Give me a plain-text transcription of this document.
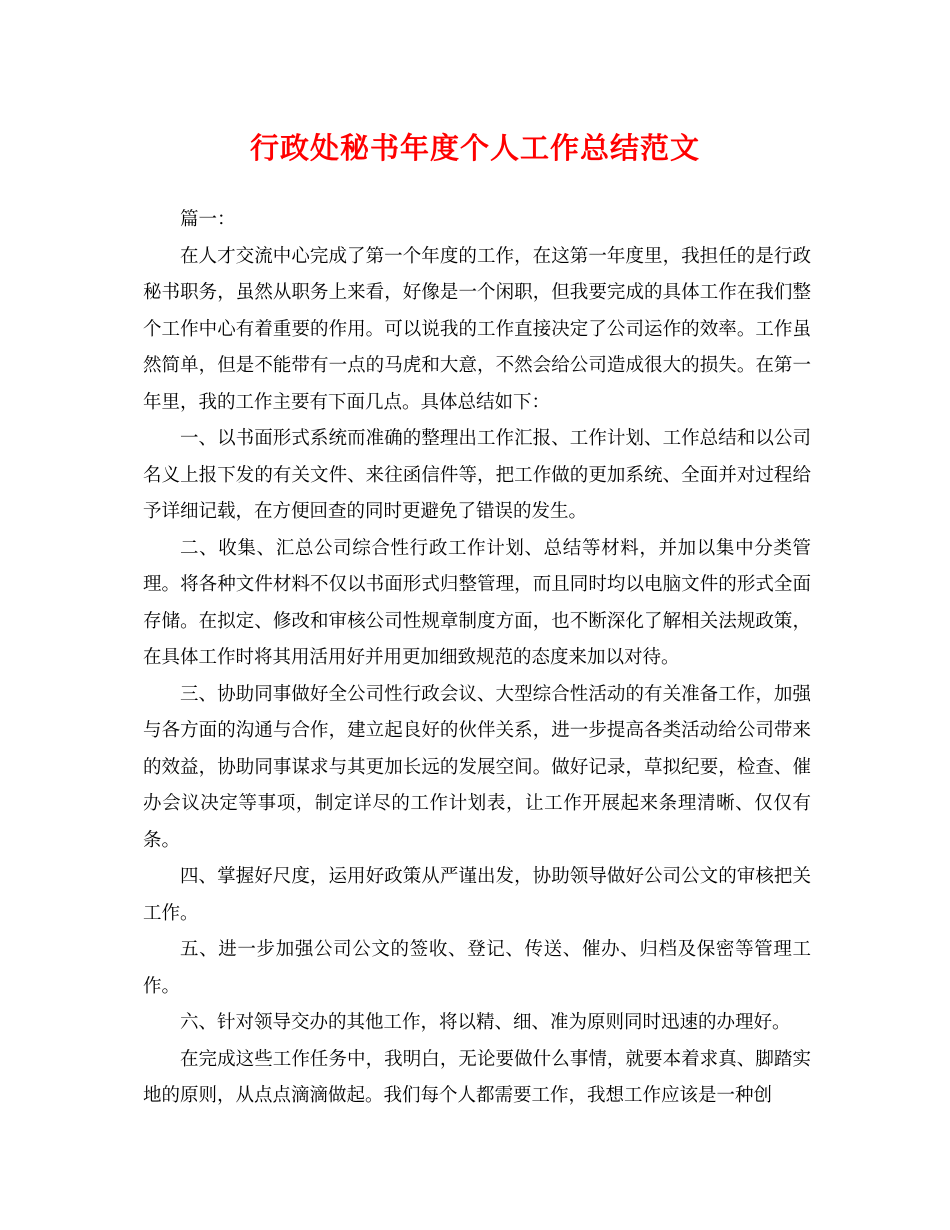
行政处秘书年度个人工作总结范文

篇一：

在人才交流中心完成了第一个年度的工作，在这第一年度里，我担任的是行政秘书职务，虽然从职务上来看，好像是一个闲职，但我要完成的具体工作在我们整个工作中心有着重要的作用。可以说我的工作直接决定了公司运作的效率。工作虽然简单，但是不能带有一点的马虎和大意，不然会给公司造成很大的损失。在第一年里，我的工作主要有下面几点。具体总结如下：

一、以书面形式系统而准确的整理出工作汇报、工作计划、工作总结和以公司名义上报下发的有关文件、来往函信件等，把工作做的更加系统、全面并对过程给予详细记载，在方便回查的同时更避免了错误的发生。

二、收集、汇总公司综合性行政工作计划、总结等材料，并加以集中分类管理。将各种文件材料不仅以书面形式归整管理，而且同时均以电脑文件的形式全面存储。在拟定、修改和审核公司性规章制度方面，也不断深化了解相关法规政策，在具体工作时将其用活用好并用更加细致规范的态度来加以对待。

三、协助同事做好全公司性行政会议、大型综合性活动的有关准备工作，加强与各方面的沟通与合作，建立起良好的伙伴关系，进一步提高各类活动给公司带来的效益，协助同事谋求与其更加长远的发展空间。做好记录，草拟纪要，检查、催办会议决定等事项，制定详尽的工作计划表，让工作开展起来条理清晰、仅仅有条。

四、掌握好尺度，运用好政策从严谨出发，协助领导做好公司公文的审核把关工作。

五、进一步加强公司公文的签收、登记、传送、催办、归档及保密等管理工作。

六、针对领导交办的其他工作，将以精、细、准为原则同时迅速的办理好。

在完成这些工作任务中，我明白，无论要做什么事情，就要本着求真、脚踏实地的原则，从点点滴滴做起。我们每个人都需要工作，我想工作应该是一种创
